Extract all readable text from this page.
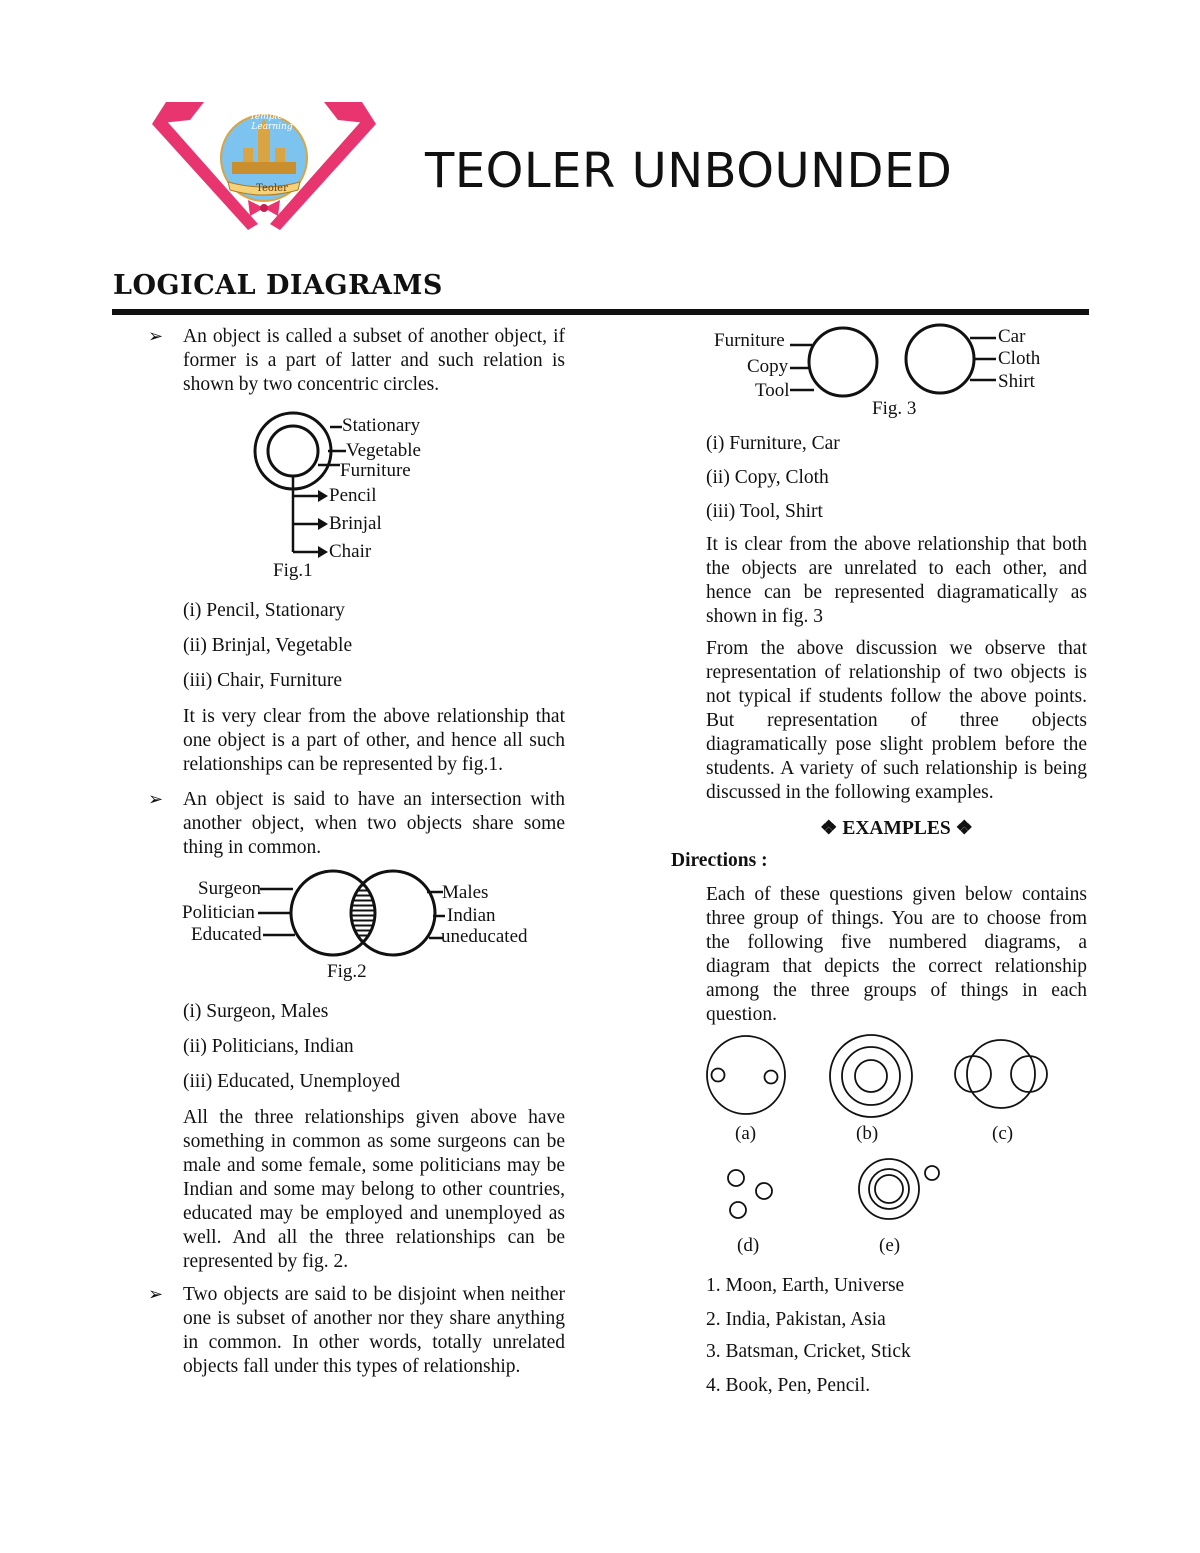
Temple of Learning
Teoler	TEOLER UNBOUNDED
LOGICAL DIAGRAMS
➢ An object is called a subset of another object, if former is a part of latter and such relation is shown by two concentric circles.
Stationary
Vegetable
Furniture
Pencil
Brinjal
Chair
Fig.1
(i) Pencil, Stationary
(ii) Brinjal, Vegetable
(iii) Chair, Furniture
It is very clear from the above relationship that one object is a part of other, and hence all such relationships can be represented by fig.1.
➢ An object is said to have an intersection with another object, when two objects share some thing in common.
Surgeon
Politician
Educated
Males
Indian
uneducated
Fig.2
(i) Surgeon, Males
(ii) Politicians, Indian
(iii) Educated, Unemployed
All the three relationships given above have something in common as some surgeons can be male and some female, some politicians may be Indian and some may belong to other countries, educated may be employed and unemployed as well. And all the three relationships can be represented by fig. 2.
➢ Two objects are said to be disjoint when neither one is subset of another nor they share anything in common. In other words, totally unrelated objects fall under this types of relationship.
Furniture
Copy
Tool
Car
Cloth
Shirt
Fig. 3
(i) Furniture, Car
(ii) Copy, Cloth
(iii) Tool, Shirt
It is clear from the above relationship that both the objects are unrelated to each other, and hence can be represented diagramatically as shown in fig. 3
From the above discussion we observe that representation of relationship of two objects is not typical if students follow the above points. But representation of three objects diagramatically pose slight problem before the students. A variety of such relationship is being discussed in the following examples.
❖ EXAMPLES ❖
Directions :
Each of these questions given below contains three group of things. You are to choose from the following five numbered diagrams, a diagram that depicts the correct relationship among the three groups of things in each question.
(a)	(b)	(c)
(d)	(e)
1. Moon, Earth, Universe
2. India, Pakistan, Asia
3. Batsman, Cricket, Stick
4. Book, Pen, Pencil.
